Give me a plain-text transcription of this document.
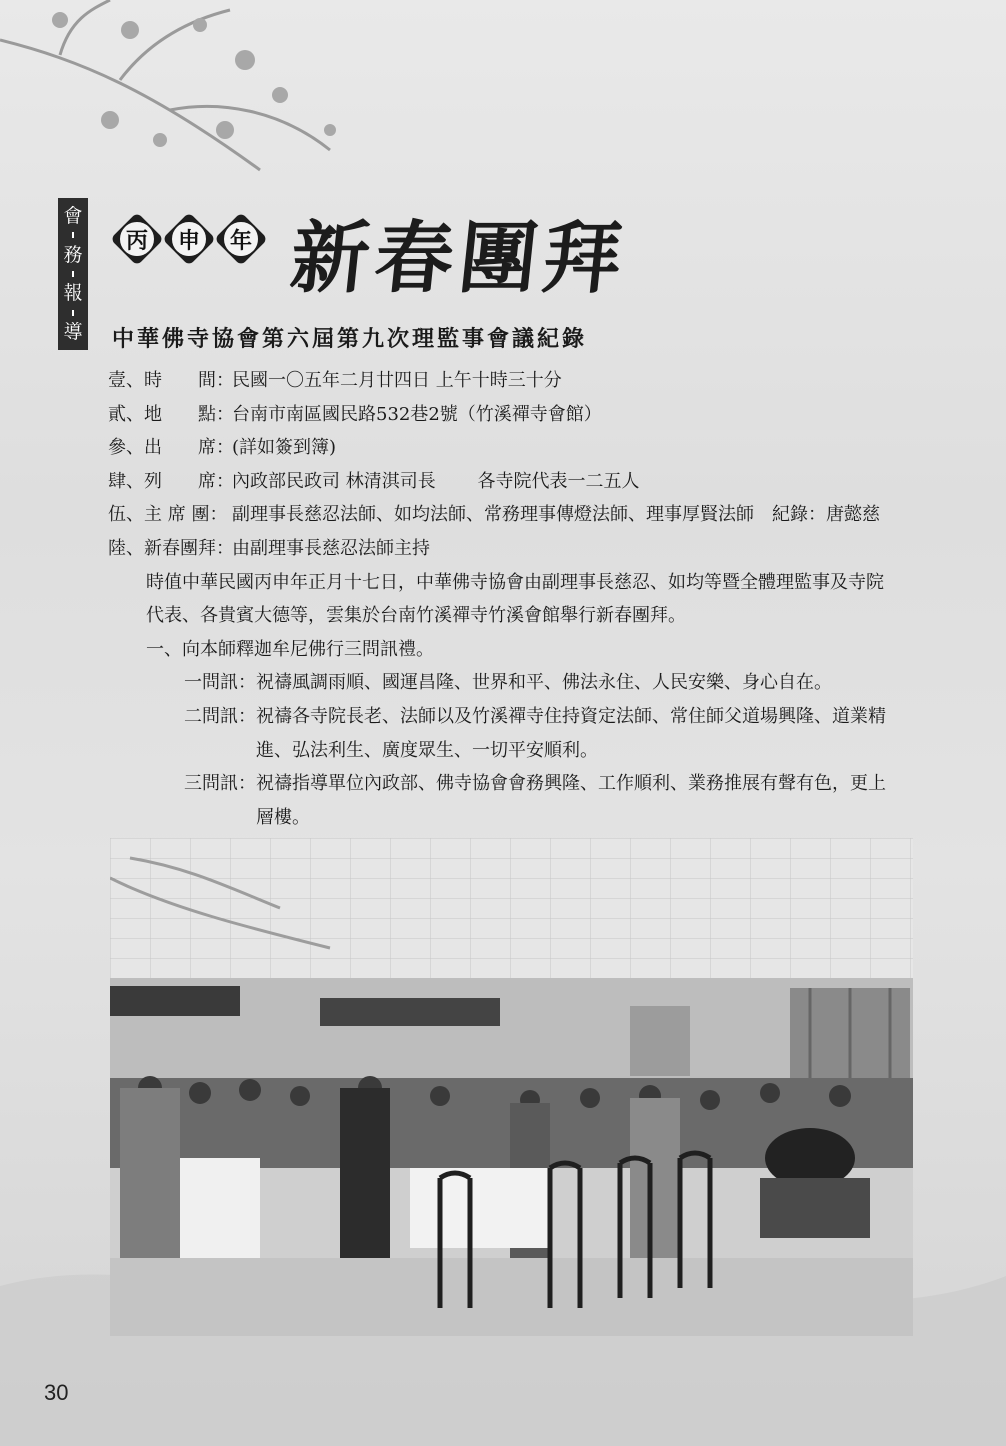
會
務
報
導
丙	申	年 新春團拜
中華佛寺協會第六屆第九次理監事會議紀錄
壹、時　　間：
民國一〇五年二月廿四日 上午十時三十分
貳、地　　點：
台南市南區國民路532巷2號（竹溪禪寺會館）
參、出　　席：
(詳如簽到簿)
肆、列　　席：
內政部民政司 林清淇司長　　 各寺院代表一二五人
伍、主 席 團： 副理事長慈忍法師、如均法師、常務理事傳燈法師、理事厚賢法師　紀錄：唐懿慈
陸、新春團拜：
由副理事長慈忍法師主持
時值中華民國丙申年正月十七日，中華佛寺協會由副理事長慈忍、如均等暨全體理監事及寺院
代表、各貴賓大德等，雲集於台南竹溪禪寺竹溪會館舉行新春團拜。
一、向本師釋迦牟尼佛行三問訊禮。
一問訊：祝禱風調雨順、國運昌隆、世界和平、佛法永住、人民安樂、身心自在。
二問訊：祝禱各寺院長老、法師以及竹溪禪寺住持資定法師、常住師父道場興隆、道業精
進、弘法利生、廣度眾生、一切平安順利。
三問訊：祝禱指導單位內政部、佛寺協會會務興隆、工作順利、業務推展有聲有色，更上
層樓。
30
